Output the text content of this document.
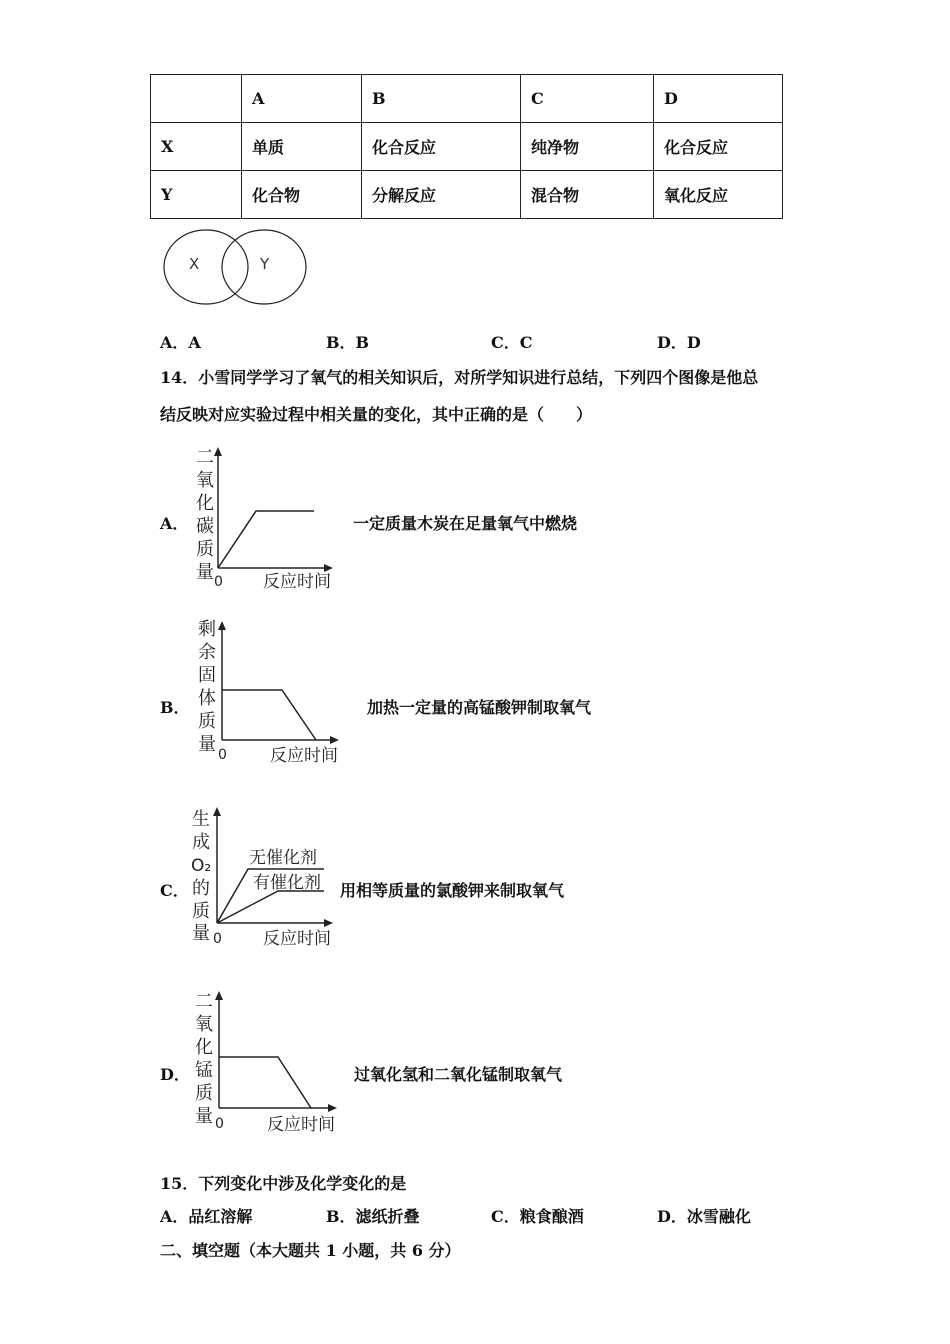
	A	B	C	D
X	单质	化合反应	纯净物	化合反应
Y	化合物	分解反应	混合物	氧化反应
X	Y
A．A	B．B	C．C	D．D
14．小雪同学学习了氧气的相关知识后，对所学知识进行总结，下列四个图像是他总
结反映对应实验过程中相关量的变化，其中正确的是（　　）
A．
二
氧
化
碳
质
量 0 反应时间
一定质量木炭在足量氧气中燃烧
B．
剩
余
固
体
质
量 0	反应时间
加热一定量的高锰酸钾制取氧气
C．
生
成
O₂
的
质
量
无催化剂
有催化剂
0 反应时间
用相等质量的氯酸钾来制取氧气
D．
二
氧
化
锰
质
量 0	反应时间
过氧化氢和二氧化锰制取氧气
15．下列变化中涉及化学变化的是
A．品红溶解	B．滤纸折叠	C．粮食酿酒	D．冰雪融化
二、填空题（本大题共 1 小题，共 6 分）
